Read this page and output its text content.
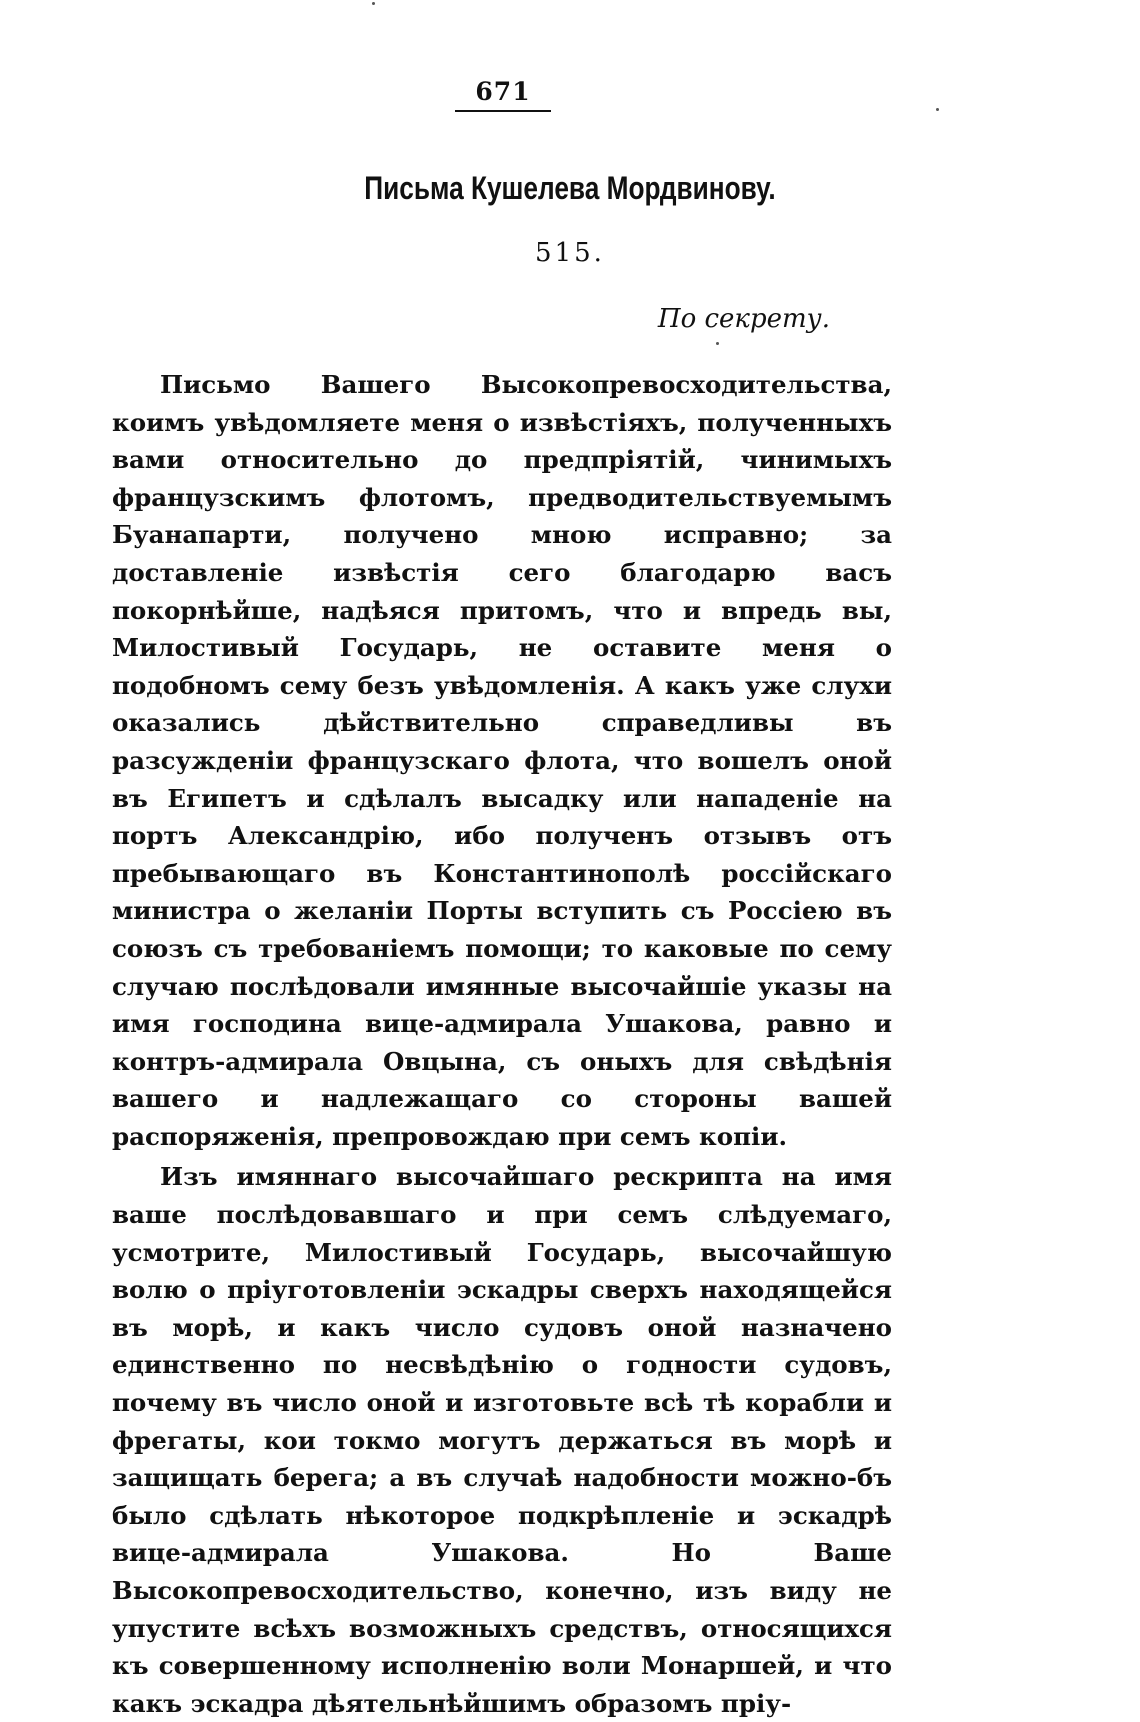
671
Письма Кушелева Мордвинову.
515.
По секрету.

Письмо Вашего Высокопревосходительства, коимъ увѣдомляете меня о извѣстіяхъ, полученныхъ вами относительно до предпріятій, чинимыхъ французскимъ флотомъ, предводительствуемымъ Буанапарти, получено мною исправно; за доставленіе извѣстія сего благодарю васъ покорнѣйше, надѣяся притомъ, что и впредь вы, Милостивый Государь, не оставите меня о подобномъ сему безъ увѣдомленія. А какъ уже слухи оказались дѣйствительно справедливы въ разсужденіи французскаго флота, что вошелъ оной въ Египетъ и сдѣлалъ высадку или нападеніе на портъ Александрію, ибо полученъ отзывъ отъ пребывающаго въ Константинополѣ россійскаго министра о желаніи Порты вступить съ Россіею въ союзъ съ требованіемъ помощи; то каковые по сему случаю послѣдовали имянные высочайшіе указы на имя господина вице-адмирала Ушакова, равно и контръ-адмирала Овцына, съ оныхъ для свѣдѣнія вашего и надлежащаго со стороны вашей распоряженія, препровождаю при семъ копіи.

Изъ имяннаго высочайшаго рескрипта на имя ваше послѣдовавшаго и при семъ слѣдуемаго, усмотрите, Милостивый Государь, высочайшую волю о пріуготовленіи эскадры сверхъ находящейся въ морѣ, и какъ число судовъ оной назначено единственно по несвѣдѣнію о годности судовъ, почему въ число оной и изготовьте всѣ тѣ корабли и фрегаты, кои токмо могутъ держаться въ морѣ и защищать берега; а въ случаѣ надобности можно-бъ было сдѣлать нѣкоторое подкрѣпленіе и эскадрѣ вице-адмирала Ушакова. Но Ваше Высокопревосходительство, конечно, изъ виду не упустите всѣхъ возможныхъ средствъ, относящихся къ совершенному исполненію воли Монаршей, и что какъ эскадра дѣятельнѣйшимъ образомъ пріу-
